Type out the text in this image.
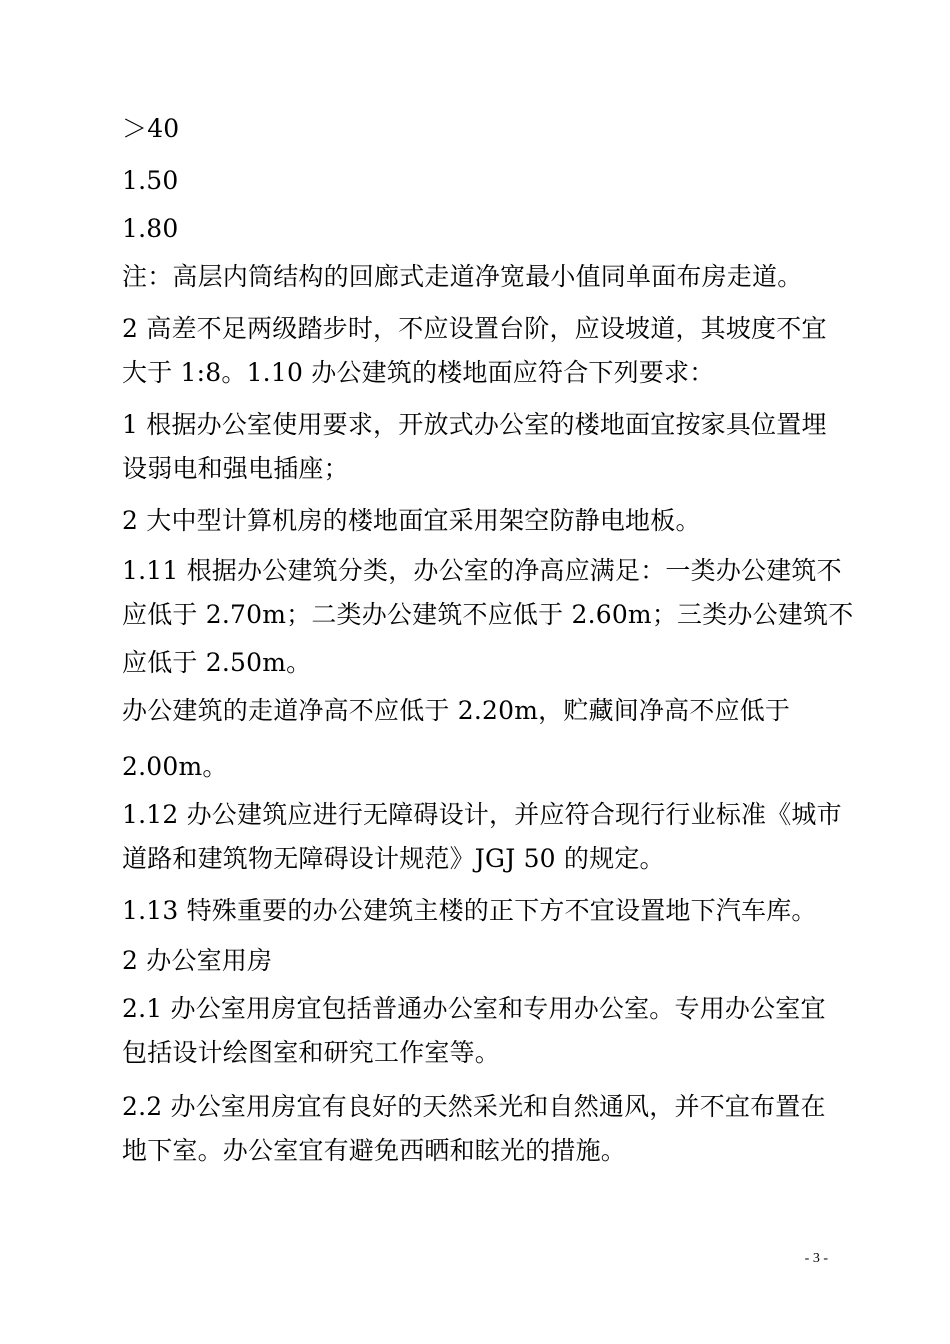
＞40
1.50
1.80
注：高层内筒结构的回廊式走道净宽最小值同单面布房走道。
2 高差不足两级踏步时，不应设置台阶，应设坡道，其坡度不宜
大于 1:8。1.10 办公建筑的楼地面应符合下列要求：
1 根据办公室使用要求，开放式办公室的楼地面宜按家具位置埋
设弱电和强电插座；
2 大中型计算机房的楼地面宜采用架空防静电地板。
1.11 根据办公建筑分类，办公室的净高应满足：一类办公建筑不
应低于 2.70m；二类办公建筑不应低于 2.60m；三类办公建筑不
应低于 2.50m。
办公建筑的走道净高不应低于 2.20m，贮藏间净高不应低于
2.00m。
1.12 办公建筑应进行无障碍设计，并应符合现行行业标准《城市
道路和建筑物无障碍设计规范》JGJ 50 的规定。
1.13 特殊重要的办公建筑主楼的正下方不宜设置地下汽车库。
2 办公室用房
2.1 办公室用房宜包括普通办公室和专用办公室。专用办公室宜
包括设计绘图室和研究工作室等。
2.2 办公室用房宜有良好的天然采光和自然通风，并不宜布置在
地下室。办公室宜有避免西晒和眩光的措施。
- 3 -
